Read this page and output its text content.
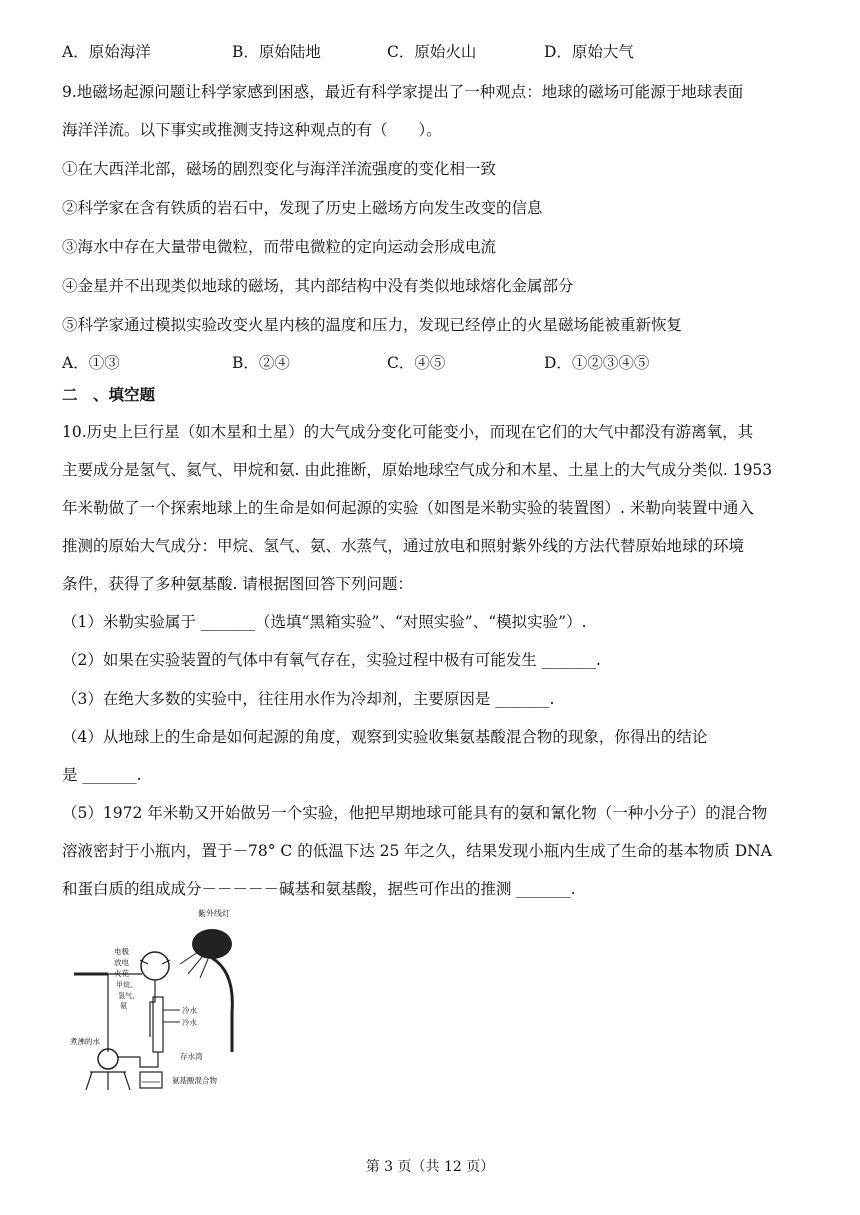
A．原始海洋	B．原始陆地	C．原始火山	D．原始大气
9.地磁场起源问题让科学家感到困惑，最近有科学家提出了一种观点：地球的磁场可能源于地球表面
海洋洋流。以下事实或推测支持这种观点的有（　　）。
①在大西洋北部，磁场的剧烈变化与海洋洋流强度的变化相一致
②科学家在含有铁质的岩石中，发现了历史上磁场方向发生改变的信息
③海水中存在大量带电微粒，而带电微粒的定向运动会形成电流
④金星并不出现类似地球的磁场，其内部结构中没有类似地球熔化金属部分
⑤科学家通过模拟实验改变火星内核的温度和压力，发现已经停止的火星磁场能被重新恢复
A．①③	B．②④	C．④⑤	D．①②③④⑤
二　、填空题
10.历史上巨行星（如木星和土星）的大气成分变化可能变小，而现在它们的大气中都没有游离氧，其
主要成分是氢气、氦气、甲烷和氨. 由此推断，原始地球空气成分和木星、土星上的大气成分类似. 1953
年米勒做了一个探索地球上的生命是如何起源的实验（如图是米勒实验的装置图）. 米勒向装置中通入
推测的原始大气成分：甲烷、氢气、氨、水蒸气，通过放电和照射紫外线的方法代替原始地球的环境
条件，获得了多种氨基酸. 请根据图回答下列问题：
（1）米勒实验属于 _______（选填“黑箱实验”、“对照实验”、“模拟实验”）.
（2）如果在实验装置的气体中有氧气存在，实验过程中极有可能发生 _______.
（3）在绝大多数的实验中，往往用水作为冷却剂，主要原因是 _______.
（4）从地球上的生命是如何起源的角度，观察到实验收集氨基酸混合物的现象，你得出的结论
是 _______.
（5）1972 年米勒又开始做另一个实验，他把早期地球可能具有的氨和氰化物（一种小分子）的混合物
溶液密封于小瓶内，置于－78° C 的低温下达 25 年之久，结果发现小瓶内生成了生命的基本物质 DNA
和蛋白质的组成成分－－－－－碱基和氨基酸，据些可作出的推测 _______.
紫外线灯
电极
放电
火花
甲烷、
氢气、
氨	冷水
冷水
煮沸的水
存水湾
氨基酸混合物
第 3 页（共 12 页）
